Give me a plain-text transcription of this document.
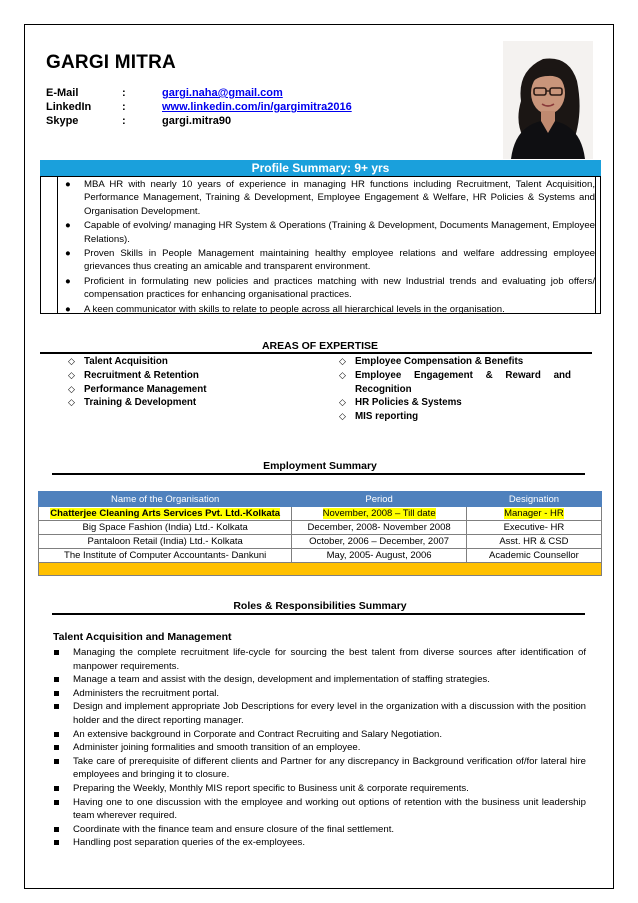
GARGI MITRA
E-Mail	:	gargi.naha@gmail.com
LinkedIn	:	www.linkedin.com/in/gargimitra2016
Skype	:	gargi.mitra90
Profile Summary: 9+ yrs
● MBA HR with nearly 10 years of experience in managing HR functions including Recruitment, Talent Acquisition, Performance Management, Training & Development, Employee Engagement & Welfare, HR Policies & Systems and Organisation Development.
● Capable of evolving/ managing HR System & Operations (Training & Development, Documents Management, Employee Relations).
● Proven Skills in People Management maintaining healthy employee relations and welfare addressing employee grievances thus creating an amicable and transparent environment.
● Proficient in formulating new policies and practices matching with new Industrial trends and evaluating job offers/ compensation practices for enhancing organisational practices.
● A keen communicator with skills to relate to people across all hierarchical levels in the organisation.
AREAS OF EXPERTISE
◇ Talent Acquisition
◇ Recruitment & Retention
◇ Performance Management
◇ Training & Development
◇ Employee Compensation & Benefits
◇ Employee Engagement & Reward and Recognition
◇ HR Policies & Systems
◇ MIS reporting
Employment Summary
Name of the Organisation	Period	Designation
Chatterjee Cleaning Arts Services Pvt. Ltd.-Kolkata	November, 2008 – Till date	Manager - HR
Big Space Fashion (India) Ltd.- Kolkata	December, 2008- November 2008	Executive- HR
Pantaloon Retail (India) Ltd.- Kolkata	October, 2006 – December, 2007	Asst. HR & CSD
The Institute of Computer Accountants- Dankuni	May, 2005- August, 2006	Academic Counsellor

Roles & Responsibilities Summary
Talent Acquisition and Management
Managing the complete recruitment life-cycle for sourcing the best talent from diverse sources after identification of manpower requirements.
Manage a team and assist with the design, development and implementation of staffing strategies.
Administers the recruitment portal.
Design and implement appropriate Job Descriptions for every level in the organization with a discussion with the position holder and the direct reporting manager.
An extensive background in Corporate and Contract Recruiting and Salary Negotiation.
Administer joining formalities and smooth transition of an employee.
Take care of prerequisite of different clients and Partner for any discrepancy in Background verification of/for lateral hire employees and bringing it to closure.
Preparing the Weekly, Monthly MIS report specific to Business unit & corporate requirements.
Having one to one discussion with the employee and working out options of retention with the business unit leadership team wherever required.
Coordinate with the finance team and ensure closure of the final settlement.
Handling post separation queries of the ex-employees.
